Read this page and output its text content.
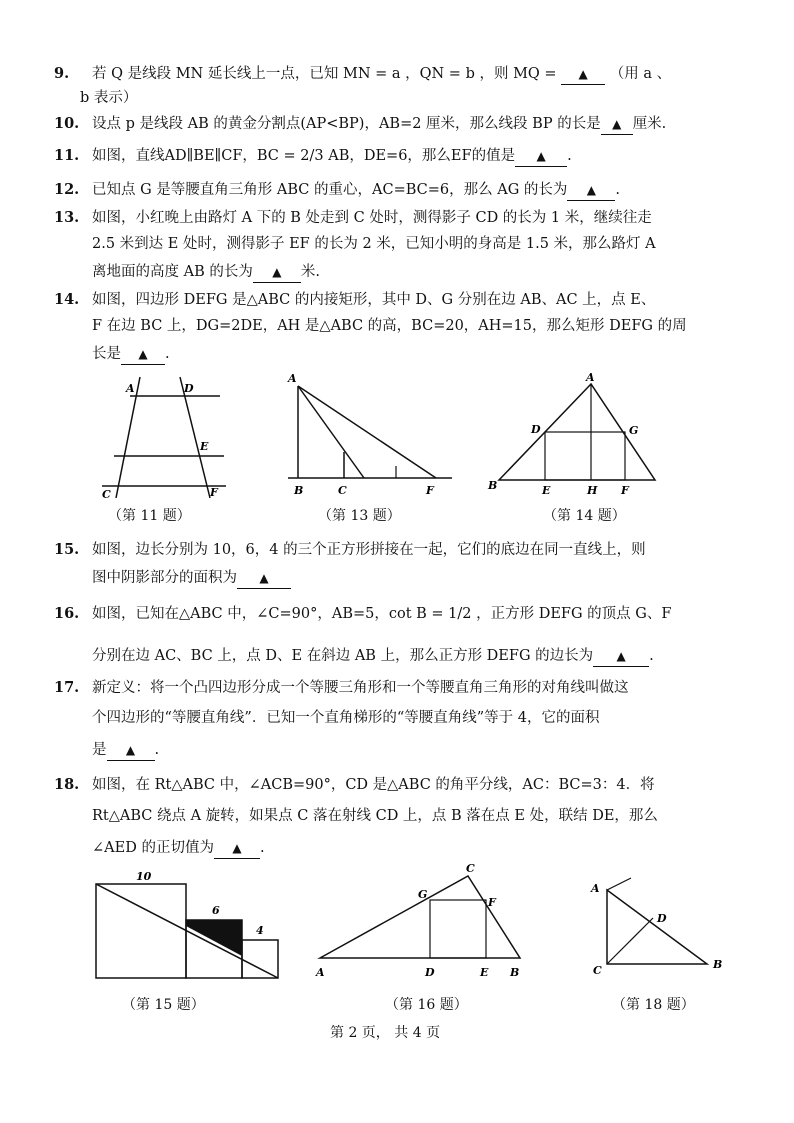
9. 若 Q 是线段 MN 延长线上一点，已知 MN = a ，QN = b ，则 MQ = ▲ （用 a 、
b 表示）
10. 设点 p 是线段 AB 的黄金分割点(AP<BP)，AB=2 厘米，那么线段 BP 的长是 ▲ 厘米.
11. 如图，直线AD∥BE∥CF，BC = 2/3 AB，DE=6，那么EF的值是 ▲ .
12. 已知点 G 是等腰直角三角形 ABC 的重心，AC=BC=6，那么 AG 的长为 ▲ .
13. 如图，小红晚上由路灯 A 下的 B 处走到 C 处时，测得影子 CD 的长为 1 米，继续往走
2.5 米到达 E 处时，测得影子 EF 的长为 2 米，已知小明的身高是 1.5 米，那么路灯 A
离地面的高度 AB 的长为 ▲ 米.
14. 如图，四边形 DEFG 是△ABC 的内接矩形，其中 D、G 分别在边 AB、AC 上，点 E、
F 在边 BC 上，DG=2DE，AH 是△ABC 的高，BC=20，AH=15，那么矩形 DEFG 的周
长是 ▲ .
A	D
E
C	F
A
B	C	F
A
D	G
B	E	H F
（第 11 题）	（第 13 题）	（第 14 题）
15. 如图，边长分别为 10，6，4 的三个正方形拼接在一起，它们的底边在同一直线上，则
图中阴影部分的面积为 ▲
16. 如图，已知在△ABC 中，∠C=90°，AB=5，cot B = 1/2 ，正方形 DEFG 的顶点 G、F
分别在边 AC、BC 上，点 D、E 在斜边 AB 上，那么正方形 DEFG 的边长为 ▲ .
17. 新定义：将一个凸四边形分成一个等腰三角形和一个等腰直角三角形的对角线叫做这
个四边形的“等腰直角线”．已知一个直角梯形的“等腰直角线”等于 4，它的面积
是 ▲ .
18. 如图，在 Rt△ABC 中，∠ACB=90°，CD 是△ABC 的角平分线，AC：BC=3：4．将
Rt△ABC 绕点 A 旋转，如果点 C 落在射线 CD 上，点 B 落在点 E 处，联结 DE，那么
∠AED 的正切值为 ▲ .
10
6
4
C
G
F
A	D	E B
A
D
C	B
（第 15 题）	（第 16 题）	（第 18 题）
第 2 页， 共 4 页
